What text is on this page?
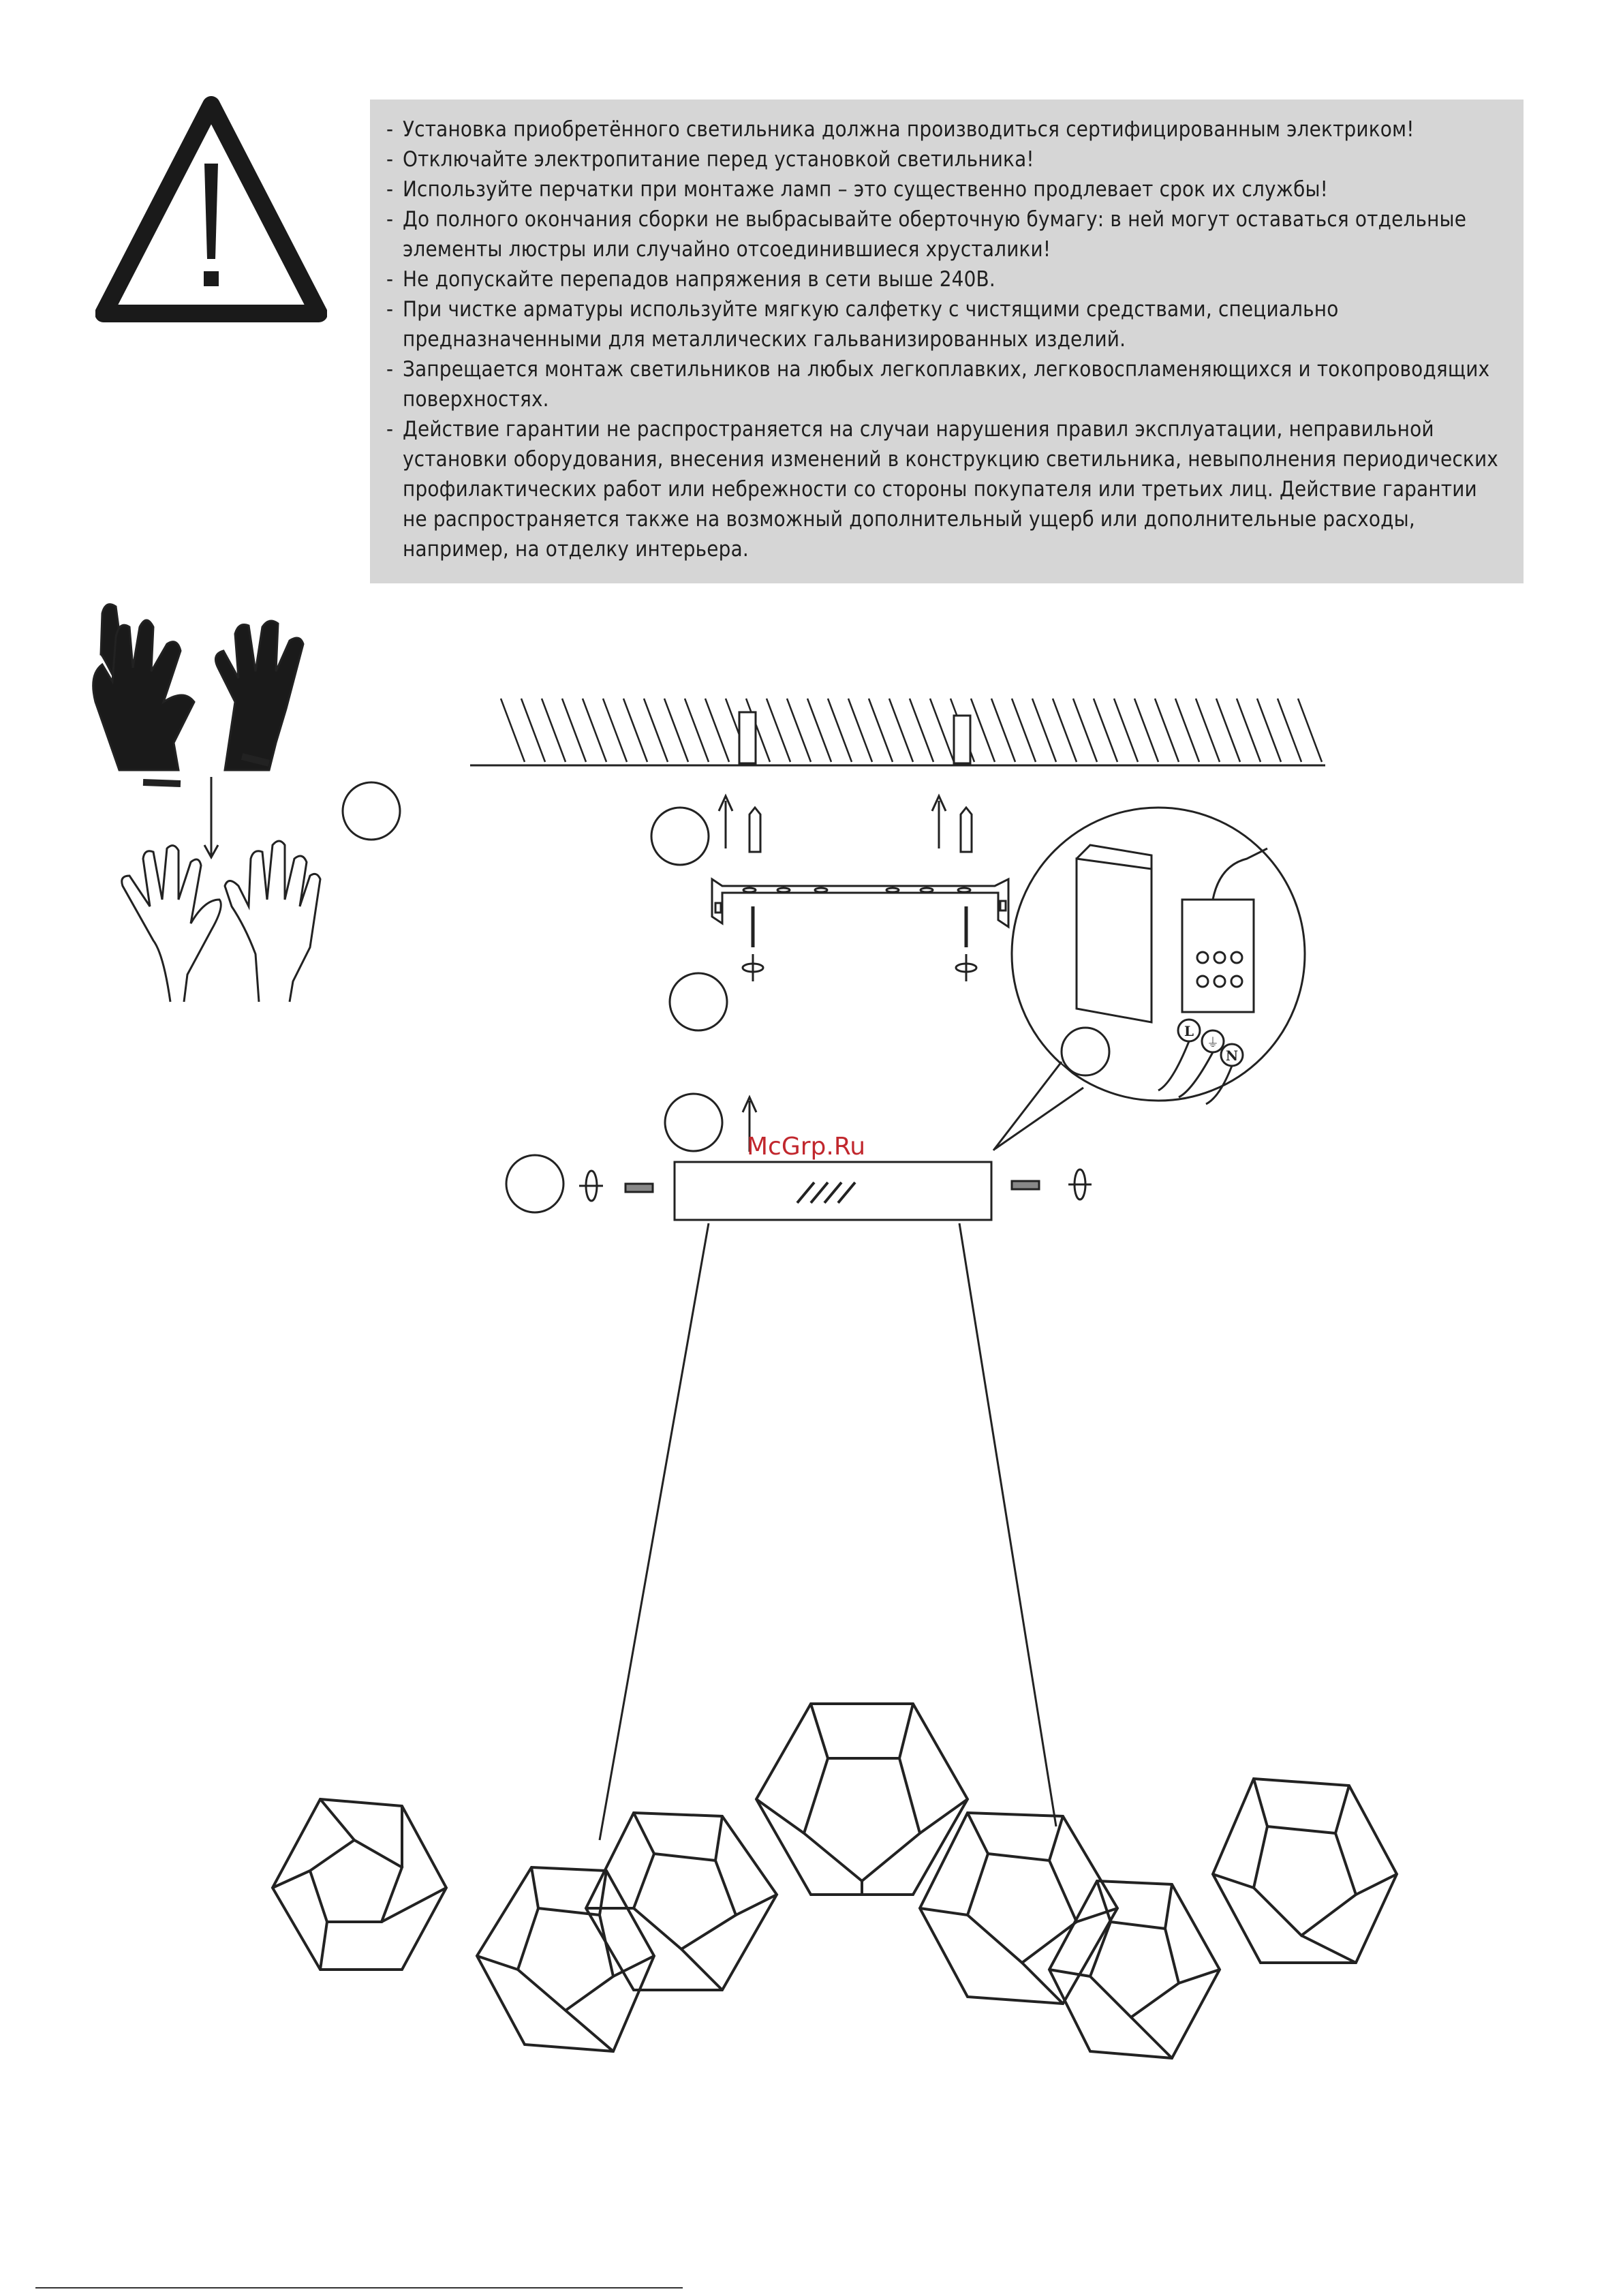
- Установка приобретённого светильника должна производиться сертифицированным электриком!
- Отключайте электропитание перед установкой светильника!
- Используйте перчатки при монтаже ламп – это существенно продлевает срок их службы!
- До полного окончания сборки не выбрасывайте оберточную бумагу: в ней могут оставаться отдельные элементы люстры или случайно отсоединившиеся хрусталики!
- Не допускайте перепадов напряжения в сети выше 240В.
- При чистке арматуры используйте мягкую салфетку с чистящими средствами, специально предназначенными для металлических гальванизированных изделий.
- Запрещается монтаж светильников на любых легкоплавких, легковоспламеняющихся и токопроводящих поверхностях.
- Действие гарантии не распространяется на случаи нарушения правил эксплуатации, неправильной установки оборудования, внесения изменений в конструкцию светильника, невыполнения периодических профилактических работ или небрежности со стороны покупателя или третьих лиц. Действие гарантии не распространяется также на возможный дополнительный ущерб или дополнительные расходы, например, на отделку интерьера.
L
N
⏚
McGrp.Ru
